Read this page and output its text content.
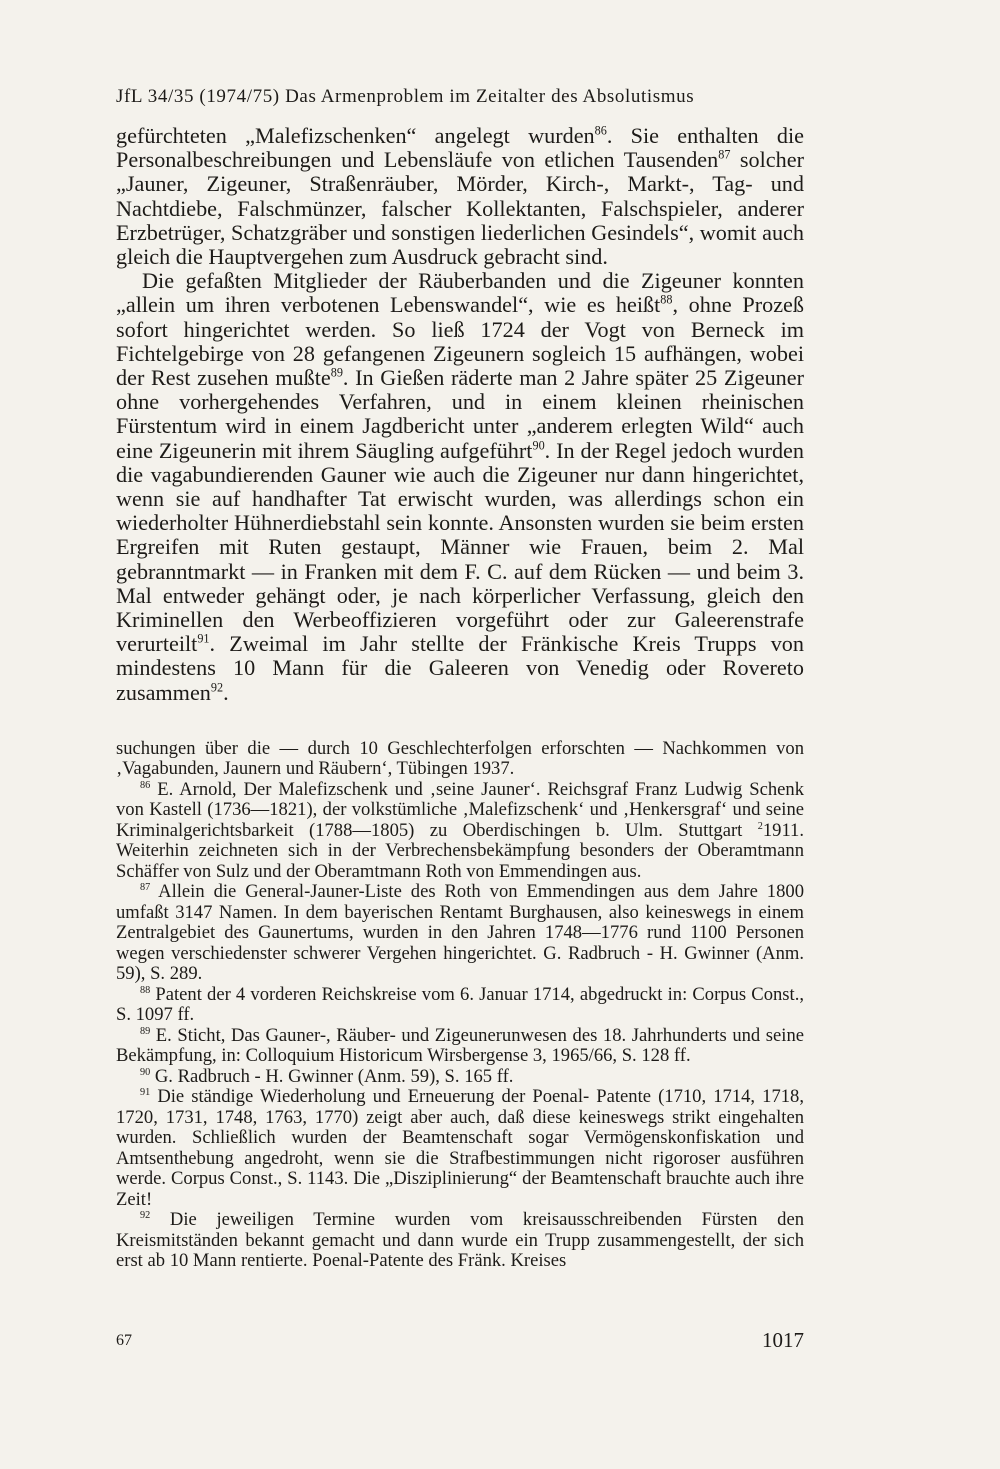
JfL 34/35 (1974/75) Das Armenproblem im Zeitalter des Absolutismus

gefürchteten „Malefizschenken“ angelegt wurden$^{86}$. Sie enthalten die Personalbeschreibungen und Lebensläufe von etlichen Tausenden$^{87}$ solcher „Jauner, Zigeuner, Straßenräuber, Mörder, Kirch-, Markt-, Tag- und Nachtdiebe, Falschmünzer, falscher Kollektanten, Falschspieler, anderer Erzbetrüger, Schatzgräber und sonstigen liederlichen Gesindels“, womit auch gleich die Hauptvergehen zum Ausdruck gebracht sind.

Die gefaßten Mitglieder der Räuberbanden und die Zigeuner konnten „allein um ihren verbotenen Lebenswandel“, wie es heißt$^{88}$, ohne Prozeß sofort hingerichtet werden. So ließ 1724 der Vogt von Berneck im Fichtelgebirge von 28 gefangenen Zigeunern sogleich 15 aufhängen, wobei der Rest zusehen mußte$^{89}$. In Gießen räderte man 2 Jahre später 25 Zigeuner ohne vorhergehendes Verfahren, und in einem kleinen rheinischen Fürstentum wird in einem Jagdbericht unter „anderem erlegten Wild“ auch eine Zigeunerin mit ihrem Säugling aufgeführt$^{90}$. In der Regel jedoch wurden die vagabundierenden Gauner wie auch die Zigeuner nur dann hingerichtet, wenn sie auf handhafter Tat erwischt wurden, was allerdings schon ein wiederholter Hühnerdiebstahl sein konnte. Ansonsten wurden sie beim ersten Ergreifen mit Ruten gestaupt, Männer wie Frauen, beim 2. Mal gebranntmarkt — in Franken mit dem F. C. auf dem Rücken — und beim 3. Mal entweder gehängt oder, je nach körperlicher Verfassung, gleich den Kriminellen den Werbeoffizieren vorgeführt oder zur Galeerenstrafe verurteilt$^{91}$. Zweimal im Jahr stellte der Fränkische Kreis Trupps von mindestens 10 Mann für die Galeeren von Venedig oder Rovereto zusammen$^{92}$.

suchungen über die — durch 10 Geschlechterfolgen erforschten — Nachkommen von ‚Vagabunden, Jaunern und Räubern‘, Tübingen 1937.

$^{86}$ E. Arnold, Der Malefizschenk und ‚seine Jauner‘. Reichsgraf Franz Ludwig Schenk von Kastell (1736—1821), der volkstümliche ‚Malefizschenk‘ und ‚Henkersgraf‘ und seine Kriminalgerichtsbarkeit (1788—1805) zu Oberdischingen b. Ulm. Stuttgart $^2$1911. Weiterhin zeichneten sich in der Verbrechensbekämpfung besonders der Oberamtmann Schäffer von Sulz und der Oberamtmann Roth von Emmendingen aus.

$^{87}$ Allein die General-Jauner-Liste des Roth von Emmendingen aus dem Jahre 1800 umfaßt 3147 Namen. In dem bayerischen Rentamt Burghausen, also keineswegs in einem Zentralgebiet des Gaunertums, wurden in den Jahren 1748—1776 rund 1100 Personen wegen verschiedenster schwerer Vergehen hingerichtet. G. Radbruch - H. Gwinner (Anm. 59), S. 289.

$^{88}$ Patent der 4 vorderen Reichskreise vom 6. Januar 1714, abgedruckt in: Corpus Const., S. 1097 ff.

$^{89}$ E. Sticht, Das Gauner-, Räuber- und Zigeunerunwesen des 18. Jahrhunderts und seine Bekämpfung, in: Colloquium Historicum Wirsbergense 3, 1965/66, S. 128 ff.

$^{90}$ G. Radbruch - H. Gwinner (Anm. 59), S. 165 ff.

$^{91}$ Die ständige Wiederholung und Erneuerung der Poenal- Patente (1710, 1714, 1718, 1720, 1731, 1748, 1763, 1770) zeigt aber auch, daß diese keineswegs strikt eingehalten wurden. Schließlich wurden der Beamtenschaft sogar Vermögenskonfiskation und Amtsenthebung angedroht, wenn sie die Strafbestimmungen nicht rigoroser ausführen werde. Corpus Const., S. 1143. Die „Disziplinierung“ der Beamtenschaft brauchte auch ihre Zeit!

$^{92}$ Die jeweiligen Termine wurden vom kreisausschreibenden Fürsten den Kreismitständen bekannt gemacht und dann wurde ein Trupp zusammengestellt, der sich erst ab 10 Mann rentierte. Poenal-Patente des Fränk. Kreises

67	1017
